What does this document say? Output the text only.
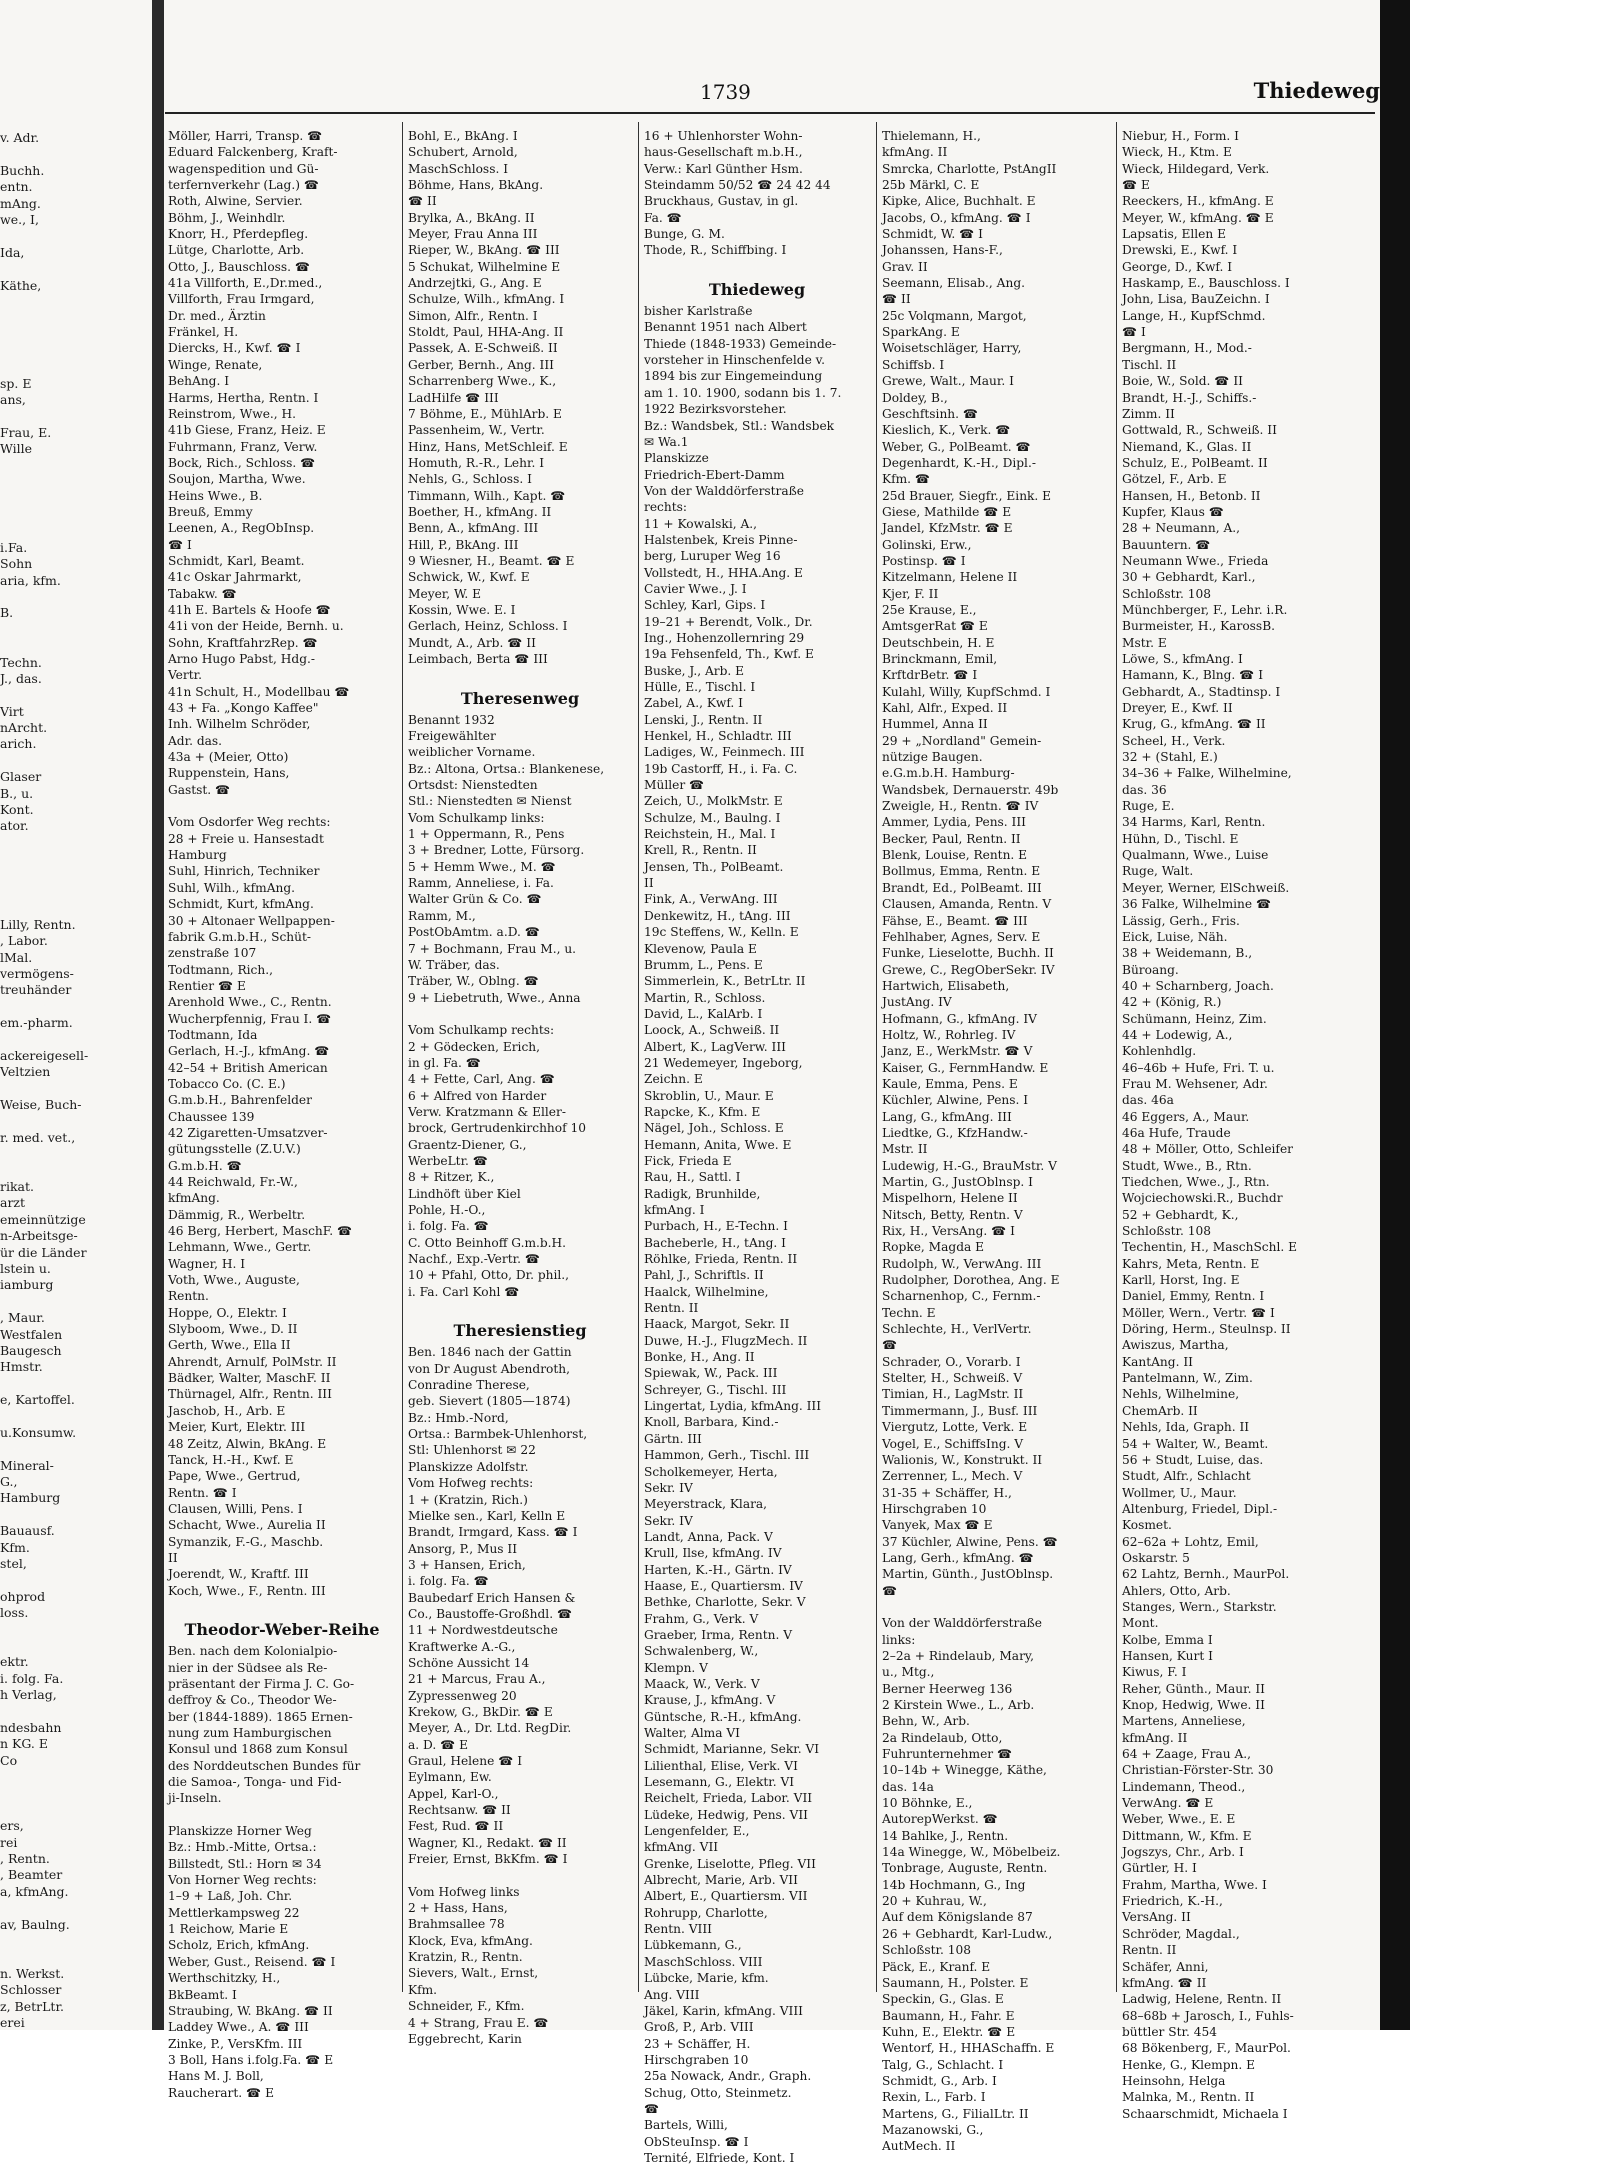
v. Adr.
Buchh.
entn.
mAng.
we., I,
Ida,
Käthe,
sp. E
ans,
Frau, E.
Wille
i.Fa.
Sohn
aria, kfm.
B.
Techn.
J., das.
Virt
nArcht.
arich.
Glaser
B., u.
Kont.
ator.
Lilly, Rentn.
, Labor.
lMal.
vermögens-
treuhänder
em.-pharm.
ackereigesell-
Veltzien
Weise, Buch-
r. med. vet.,
rikat.
arzt
emeinnützige
n-Arbeitsge-
ür die Länder
lstein u.
iamburg
, Maur.
Westfalen
Baugesch
Hmstr.
e, Kartoffel.
u.Konsumw.
Mineral-
G.,
Hamburg
Bauausf.
Kfm.
stel,
ohprod
loss.
ektr.
i. folg. Fa.
h Verlag,
ndesbahn
n KG. E
Co
ers,
rei
, Rentn.
, Beamter
a, kfmAng.
av, Baulng.
n. Werkst.
Schlosser
z, BetrLtr.
erei
1739	Thiedeweg
Möller, Harri, Transp. ☎
Eduard Falckenberg, Kraft-
wagenspedition und Gü-
terfernverkehr (Lag.) ☎
Roth, Alwine, Servier.
Böhm, J., Weinhdlr.
Knorr, H., Pferdepfleg.
Lütge, Charlotte, Arb.
Otto, J., Bauschloss. ☎
41a Villforth, E.,Dr.med.,
Villforth, Frau Irmgard,
Dr. med., Ärztin
Fränkel, H.
Diercks, H., Kwf. ☎ I
Winge, Renate,
BehAng. I
Harms, Hertha, Rentn. I
Reinstrom, Wwe., H.
41b Giese, Franz, Heiz. E
Fuhrmann, Franz, Verw.
Bock, Rich., Schloss. ☎
Soujon, Martha, Wwe.
Heins Wwe., B.
Breuß, Emmy
Leenen, A., RegObInsp.
☎ I
Schmidt, Karl, Beamt.
41c Oskar Jahrmarkt,
Tabakw. ☎
41h E. Bartels & Hoofe ☎
41i von der Heide, Bernh. u.
Sohn, KraftfahrzRep. ☎
Arno Hugo Pabst, Hdg.-
Vertr.
41n Schult, H., Modellbau ☎
43 + Fa. „Kongo Kaffee"
Inh. Wilhelm Schröder,
Adr. das.
43a + (Meier, Otto)
Ruppenstein, Hans,
Gastst. ☎
Vom Osdorfer Weg rechts:
28 + Freie u. Hansestadt
Hamburg
Suhl, Hinrich, Techniker
Suhl, Wilh., kfmAng.
Schmidt, Kurt, kfmAng.
30 + Altonaer Wellpappen-
fabrik G.m.b.H., Schüt-
zenstraße 107
Todtmann, Rich.,
Rentier ☎ E
Arenhold Wwe., C., Rentn.
Wucherpfennig, Frau I. ☎
Todtmann, Ida
Gerlach, H.-J., kfmAng. ☎
42–54 + British American
Tobacco Co. (C. E.)
G.m.b.H., Bahrenfelder
Chaussee 139
42 Zigaretten-Umsatzver-
gütungsstelle (Z.U.V.)
G.m.b.H. ☎
44 Reichwald, Fr.-W.,
kfmAng.
Dämmig, R., Werbeltr.
46 Berg, Herbert, MaschF. ☎
Lehmann, Wwe., Gertr.
Wagner, H. I
Voth, Wwe., Auguste,
Rentn.
Hoppe, O., Elektr. I
Slyboom, Wwe., D. II
Gerth, Wwe., Ella II
Ahrendt, Arnulf, PolMstr. II
Bädker, Walter, MaschF. II
Thürnagel, Alfr., Rentn. III
Jaschob, H., Arb. E
Meier, Kurt, Elektr. III
48 Zeitz, Alwin, BkAng. E
Tanck, H.-H., Kwf. E
Pape, Wwe., Gertrud,
Rentn. ☎ I
Clausen, Willi, Pens. I
Schacht, Wwe., Aurelia II
Symanzik, F.-G., Maschb.
II
Joerendt, W., Kraftf. III
Koch, Wwe., F., Rentn. III
Theodor-Weber-Reihe
Ben. nach dem Kolonialpio-
nier in der Südsee als Re-
präsentant der Firma J. C. Go-
deffroy & Co., Theodor We-
ber (1844-1889). 1865 Ernen-
nung zum Hamburgischen
Konsul und 1868 zum Konsul
des Norddeutschen Bundes für
die Samoa-, Tonga- und Fid-
ji-Inseln.
Planskizze Horner Weg
Bz.: Hmb.-Mitte, Ortsa.:
Billstedt, Stl.: Horn ✉ 34
Von Horner Weg rechts:
1–9 + Laß, Joh. Chr.
Mettlerkampsweg 22
1 Reichow, Marie E
Scholz, Erich, kfmAng.
Weber, Gust., Reisend. ☎ I
Werthschitzky, H.,
BkBeamt. I
Straubing, W. BkAng. ☎ II
Laddey Wwe., A. ☎ III
Zinke, P., VersKfm. III
3 Boll, Hans i.folg.Fa. ☎ E
Hans M. J. Boll,
Raucherart. ☎ E
Bohl, E., BkAng. I
Schubert, Arnold,
MaschSchloss. I
Böhme, Hans, BkAng.
☎ II
Brylka, A., BkAng. II
Meyer, Frau Anna III
Rieper, W., BkAng. ☎ III
5 Schukat, Wilhelmine E
Andrzejtki, G., Ang. E
Schulze, Wilh., kfmAng. I
Simon, Alfr., Rentn. I
Stoldt, Paul, HHA-Ang. II
Passek, A. E-Schweiß. II
Gerber, Bernh., Ang. III
Scharrenberg Wwe., K.,
LadHilfe ☎ III
7 Böhme, E., MühlArb. E
Passenheim, W., Vertr.
Hinz, Hans, MetSchleif. E
Homuth, R.-R., Lehr. I
Nehls, G., Schloss. I
Timmann, Wilh., Kapt. ☎
Boether, H., kfmAng. II
Benn, A., kfmAng. III
Hill, P., BkAng. III
9 Wiesner, H., Beamt. ☎ E
Schwick, W., Kwf. E
Meyer, W. E
Kossin, Wwe. E. I
Gerlach, Heinz, Schloss. I
Mundt, A., Arb. ☎ II
Leimbach, Berta ☎ III
Theresenweg
Benannt 1932
Freigewählter
weiblicher Vorname.
Bz.: Altona, Ortsa.: Blankenese,
Ortsdst: Nienstedten
Stl.: Nienstedten ✉ Nienst
Vom Schulkamp links:
1 + Oppermann, R., Pens
3 + Bredner, Lotte, Fürsorg.
5 + Hemm Wwe., M. ☎
Ramm, Anneliese, i. Fa.
Walter Grün & Co. ☎
Ramm, M.,
PostObAmtm. a.D. ☎
7 + Bochmann, Frau M., u.
W. Träber, das.
Träber, W., Oblng. ☎
9 + Liebetruth, Wwe., Anna
Vom Schulkamp rechts:
2 + Gödecken, Erich,
in gl. Fa. ☎
4 + Fette, Carl, Ang. ☎
6 + Alfred von Harder
Verw. Kratzmann & Eller-
brock, Gertrudenkirchhof 10
Graentz-Diener, G.,
WerbeLtr. ☎
8 + Ritzer, K.,
Lindhöft über Kiel
Pohle, H.-O.,
i. folg. Fa. ☎
C. Otto Beinhoff G.m.b.H.
Nachf., Exp.-Vertr. ☎
10 + Pfahl, Otto, Dr. phil.,
i. Fa. Carl Kohl ☎
Theresienstieg
Ben. 1846 nach der Gattin
von Dr August Abendroth,
Conradine Therese,
geb. Sievert (1805—1874)
Bz.: Hmb.-Nord,
Ortsa.: Barmbek-Uhlenhorst,
Stl: Uhlenhorst ✉ 22
Planskizze Adolfstr.
Vom Hofweg rechts:
1 + (Kratzin, Rich.)
Mielke sen., Karl, Kelln E
Brandt, Irmgard, Kass. ☎ I
Ansorg, P., Mus II
3 + Hansen, Erich,
i. folg. Fa. ☎
Baubedarf Erich Hansen &
Co., Baustoffe-Großhdl. ☎
11 + Nordwestdeutsche
Kraftwerke A.-G.,
Schöne Aussicht 14
21 + Marcus, Frau A.,
Zypressenweg 20
Krekow, G., BkDir. ☎ E
Meyer, A., Dr. Ltd. RegDir.
a. D. ☎ E
Graul, Helene ☎ I
Eylmann, Ew.
Appel, Karl-O.,
Rechtsanw. ☎ II
Fest, Rud. ☎ II
Wagner, Kl., Redakt. ☎ II
Freier, Ernst, BkKfm. ☎ I
Vom Hofweg links
2 + Hass, Hans,
Brahmsallee 78
Klock, Eva, kfmAng.
Kratzin, R., Rentn.
Sievers, Walt., Ernst,
Kfm.
Schneider, F., Kfm.
4 + Strang, Frau E. ☎
Eggebrecht, Karin
16 + Uhlenhorster Wohn-
haus-Gesellschaft m.b.H.,
Verw.: Karl Günther Hsm.
Steindamm 50/52 ☎ 24 42 44
Bruckhaus, Gustav, in gl.
Fa. ☎
Bunge, G. M.
Thode, R., Schiffbing. I
Thiedeweg
bisher Karlstraße
Benannt 1951 nach Albert
Thiede (1848-1933) Gemeinde-
vorsteher in Hinschenfelde v.
1894 bis zur Eingemeindung
am 1. 10. 1900, sodann bis 1. 7.
1922 Bezirksvorsteher.
Bz.: Wandsbek, Stl.: Wandsbek
✉ Wa.1
Planskizze
Friedrich-Ebert-Damm
Von der Walddörferstraße
rechts:
11 + Kowalski, A.,
Halstenbek, Kreis Pinne-
berg, Luruper Weg 16
Vollstedt, H., HHA.Ang. E
Cavier Wwe., J. I
Schley, Karl, Gips. I
19–21 + Berendt, Volk., Dr.
Ing., Hohenzollernring 29
19a Fehsenfeld, Th., Kwf. E
Buske, J., Arb. E
Hülle, E., Tischl. I
Zabel, A., Kwf. I
Lenski, J., Rentn. II
Henkel, H., Schladtr. III
Ladiges, W., Feinmech. III
19b Castorff, H., i. Fa. C.
Müller ☎
Zeich, U., MolkMstr. E
Schulze, M., Baulng. I
Reichstein, H., Mal. I
Krell, R., Rentn. II
Jensen, Th., PolBeamt.
II
Fink, A., VerwAng. III
Denkewitz, H., tAng. III
19c Steffens, W., Kelln. E
Klevenow, Paula E
Brumm, L., Pens. E
Simmerlein, K., BetrLtr. II
Martin, R., Schloss.
David, L., KalArb. I
Loock, A., Schweiß. II
Albert, K., LagVerw. III
21 Wedemeyer, Ingeborg,
Zeichn. E
Skroblin, U., Maur. E
Rapcke, K., Kfm. E
Nägel, Joh., Schloss. E
Hemann, Anita, Wwe. E
Fick, Frieda E
Rau, H., Sattl. I
Radigk, Brunhilde,
kfmAng. I
Purbach, H., E-Techn. I
Bacheberle, H., tAng. I
Röhlke, Frieda, Rentn. II
Pahl, J., Schriftls. II
Haalck, Wilhelmine,
Rentn. II
Haack, Margot, Sekr. II
Duwe, H.-J., FlugzMech. II
Bonke, H., Ang. II
Spiewak, W., Pack. III
Schreyer, G., Tischl. III
Lingertat, Lydia, kfmAng. III
Knoll, Barbara, Kind.-
Gärtn. III
Hammon, Gerh., Tischl. III
Scholkemeyer, Herta,
Sekr. IV
Meyerstrack, Klara,
Sekr. IV
Landt, Anna, Pack. V
Krull, Ilse, kfmAng. IV
Harten, K.-H., Gärtn. IV
Haase, E., Quartiersm. IV
Bethke, Charlotte, Sekr. V
Frahm, G., Verk. V
Graeber, Irma, Rentn. V
Schwalenberg, W.,
Klempn. V
Maack, W., Verk. V
Krause, J., kfmAng. V
Güntsche, R.-H., kfmAng.
Walter, Alma VI
Schmidt, Marianne, Sekr. VI
Lilienthal, Elise, Verk. VI
Lesemann, G., Elektr. VI
Reichelt, Frieda, Labor. VII
Lüdeke, Hedwig, Pens. VII
Lengenfelder, E.,
kfmAng. VII
Grenke, Liselotte, Pfleg. VII
Albrecht, Marie, Arb. VII
Albert, E., Quartiersm. VII
Rohrupp, Charlotte,
Rentn. VIII
Lübkemann, G.,
MaschSchloss. VIII
Lübcke, Marie, kfm.
Ang. VIII
Jäkel, Karin, kfmAng. VIII
Groß, P., Arb. VIII
23 + Schäffer, H.
Hirschgraben 10
25a Nowack, Andr., Graph.
Schug, Otto, Steinmetz.
☎
Bartels, Willi,
ObSteuInsp. ☎ I
Ternité, Elfriede, Kont. I
Thielemann, H.,
kfmAng. II
Smrcka, Charlotte, PstAngII
25b Märkl, C. E
Kipke, Alice, Buchhalt. E
Jacobs, O., kfmAng. ☎ I
Schmidt, W. ☎ I
Johanssen, Hans-F.,
Grav. II
Seemann, Elisab., Ang.
☎ II
25c Volqmann, Margot,
SparkAng. E
Woisetschläger, Harry,
Schiffsb. I
Grewe, Walt., Maur. I
Doldey, B.,
Geschftsinh. ☎
Kieslich, K., Verk. ☎
Weber, G., PolBeamt. ☎
Degenhardt, K.-H., Dipl.-
Kfm. ☎
25d Brauer, Siegfr., Eink. E
Giese, Mathilde ☎ E
Jandel, KfzMstr. ☎ E
Golinski, Erw.,
Postinsp. ☎ I
Kitzelmann, Helene II
Kjer, F. II
25e Krause, E.,
AmtsgerRat ☎ E
Deutschbein, H. E
Brinckmann, Emil,
KrftdrBetr. ☎ I
Kulahl, Willy, KupfSchmd. I
Kahl, Alfr., Exped. II
Hummel, Anna II
29 + „Nordland" Gemein-
nützige Baugen.
e.G.m.b.H. Hamburg-
Wandsbek, Dernauerstr. 49b
Zweigle, H., Rentn. ☎ IV
Ammer, Lydia, Pens. III
Becker, Paul, Rentn. II
Blenk, Louise, Rentn. E
Bollmus, Emma, Rentn. E
Brandt, Ed., PolBeamt. III
Clausen, Amanda, Rentn. V
Fähse, E., Beamt. ☎ III
Fehlhaber, Agnes, Serv. E
Funke, Lieselotte, Buchh. II
Grewe, C., RegOberSekr. IV
Hartwich, Elisabeth,
JustAng. IV
Hofmann, G., kfmAng. IV
Holtz, W., Rohrleg. IV
Janz, E., WerkMstr. ☎ V
Kaiser, G., FernmHandw. E
Kaule, Emma, Pens. E
Küchler, Alwine, Pens. I
Lang, G., kfmAng. III
Liedtke, G., KfzHandw.-
Mstr. II
Ludewig, H.-G., BrauMstr. V
Martin, G., JustOblnsp. I
Mispelhorn, Helene II
Nitsch, Betty, Rentn. V
Rix, H., VersAng. ☎ I
Ropke, Magda E
Rudolph, W., VerwAng. III
Rudolpher, Dorothea, Ang. E
Scharnenhop, C., Fernm.-
Techn. E
Schlechte, H., VerlVertr.
☎
Schrader, O., Vorarb. I
Stelter, H., Schweiß. V
Timian, H., LagMstr. II
Timmermann, J., Busf. III
Viergutz, Lotte, Verk. E
Vogel, E., SchiffsIng. V
Walionis, W., Konstrukt. II
Zerrenner, L., Mech. V
31-35 + Schäffer, H.,
Hirschgraben 10
Vanyek, Max ☎ E
37 Küchler, Alwine, Pens. ☎
Lang, Gerh., kfmAng. ☎
Martin, Günth., JustOblnsp.
☎
Von der Walddörferstraße
links:
2–2a + Rindelaub, Mary,
u., Mtg.,
Berner Heerweg 136
2 Kirstein Wwe., L., Arb.
Behn, W., Arb.
2a Rindelaub, Otto,
Fuhrunternehmer ☎
10–14b + Winegge, Käthe,
das. 14a
10 Böhnke, E.,
AutorepWerkst. ☎
14 Bahlke, J., Rentn.
14a Winegge, W., Möbelbeiz.
Tonbrage, Auguste, Rentn.
14b Hochmann, G., Ing
20 + Kuhrau, W.,
Auf dem Königslande 87
26 + Gebhardt, Karl-Ludw.,
Schloßstr. 108
Päck, E., Kranf. E
Saumann, H., Polster. E
Speckin, G., Glas. E
Baumann, H., Fahr. E
Kuhn, E., Elektr. ☎ E
Wentorf, H., HHASchaffn. E
Talg, G., Schlacht. I
Schmidt, G., Arb. I
Rexin, L., Farb. I
Martens, G., FilialLtr. II
Mazanowski, G.,
AutMech. II
Niebur, H., Form. I
Wieck, H., Ktm. E
Wieck, Hildegard, Verk.
☎ E
Reeckers, H., kfmAng. E
Meyer, W., kfmAng. ☎ E
Lapsatis, Ellen E
Drewski, E., Kwf. I
George, D., Kwf. I
Haskamp, E., Bauschloss. I
John, Lisa, BauZeichn. I
Lange, H., KupfSchmd.
☎ I
Bergmann, H., Mod.-
Tischl. II
Boie, W., Sold. ☎ II
Brandt, H.-J., Schiffs.-
Zimm. II
Gottwald, R., Schweiß. II
Niemand, K., Glas. II
Schulz, E., PolBeamt. II
Götzel, F., Arb. E
Hansen, H., Betonb. II
Kupfer, Klaus ☎
28 + Neumann, A.,
Bauuntern. ☎
Neumann Wwe., Frieda
30 + Gebhardt, Karl.,
Schloßstr. 108
Münchberger, F., Lehr. i.R.
Burmeister, H., KarossB.
Mstr. E
Löwe, S., kfmAng. I
Hamann, K., Blng. ☎ I
Gebhardt, A., Stadtinsp. I
Dreyer, E., Kwf. II
Krug, G., kfmAng. ☎ II
Scheel, H., Verk.
32 + (Stahl, E.)
34–36 + Falke, Wilhelmine,
das. 36
Ruge, E.
34 Harms, Karl, Rentn.
Hühn, D., Tischl. E
Qualmann, Wwe., Luise
Ruge, Walt.
Meyer, Werner, ElSchweiß.
36 Falke, Wilhelmine ☎
Lässig, Gerh., Fris.
Eick, Luise, Näh.
38 + Weidemann, B.,
Büroang.
40 + Scharnberg, Joach.
42 + (König, R.)
Schümann, Heinz, Zim.
44 + Lodewig, A.,
Kohlenhdlg.
46–46b + Hufe, Fri. T. u.
Frau M. Wehsener, Adr.
das. 46a
46 Eggers, A., Maur.
46a Hufe, Traude
48 + Möller, Otto, Schleifer
Studt, Wwe., B., Rtn.
Tiedchen, Wwe., J., Rtn.
Wojciechowski.R., Buchdr
52 + Gebhardt, K.,
Schloßstr. 108
Techentin, H., MaschSchl. E
Kahrs, Meta, Rentn. E
Karll, Horst, Ing. E
Daniel, Emmy, Rentn. I
Möller, Wern., Vertr. ☎ I
Döring, Herm., Steulnsp. II
Awiszus, Martha,
KantAng. II
Pantelmann, W., Zim.
Nehls, Wilhelmine,
ChemArb. II
Nehls, Ida, Graph. II
54 + Walter, W., Beamt.
56 + Studt, Luise, das.
Studt, Alfr., Schlacht
Wollmer, U., Maur.
Altenburg, Friedel, Dipl.-
Kosmet.
62–62a + Lohtz, Emil,
Oskarstr. 5
62 Lahtz, Bernh., MaurPol.
Ahlers, Otto, Arb.
Stanges, Wern., Starkstr.
Mont.
Kolbe, Emma I
Hansen, Kurt I
Kiwus, F. I
Reher, Günth., Maur. II
Knop, Hedwig, Wwe. II
Martens, Anneliese,
kfmAng. II
64 + Zaage, Frau A.,
Christian-Förster-Str. 30
Lindemann, Theod.,
VerwAng. ☎ E
Weber, Wwe., E. E
Dittmann, W., Kfm. E
Jogszys, Chr., Arb. I
Gürtler, H. I
Frahm, Martha, Wwe. I
Friedrich, K.-H.,
VersAng. II
Schröder, Magdal.,
Rentn. II
Schäfer, Anni,
kfmAng. ☎ II
Ladwig, Helene, Rentn. II
68–68b + Jarosch, I., Fuhls-
büttler Str. 454
68 Bökenberg, F., MaurPol.
Henke, G., Klempn. E
Heinsohn, Helga
Malnka, M., Rentn. II
Schaarschmidt, Michaela I
